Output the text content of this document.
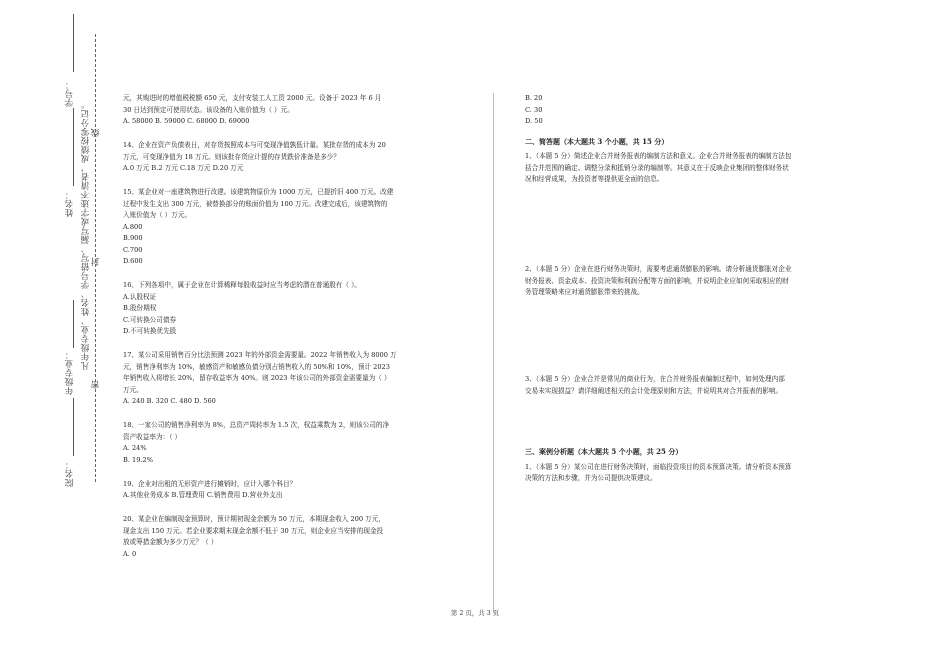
学号：
姓名：
年级专业：
院名：
凡年级专业、姓名、学号错写、漏写或字迹不清者，成绩按零分记。 线
封
密

元，其购进时的增值税税额 650 元，支付安装工人工资 2000 元。设备于 2023 年 6 月

30 日达到预定可使用状态。该设备的入账价值为（ ）元。

A. 58000 B. 59000 C. 68000 D. 69000

14、企业在资产负债表日，对存货按照成本与可变现净值孰低计量。某批存货的成本为 20

万元，可变现净值为 18 万元。则该批存货应计提的存货跌价准备是多少？

A.0 万元 B.2 万元 C.18 万元 D.20 万元

15、某企业对一座建筑物进行改建。该建筑物原价为 1000 万元，已提折旧 400 万元。改建

过程中发生支出 300 万元，被替换部分的账面价值为 100 万元。改建完成后，该建筑物的

入账价值为（ ）万元。

A.800

B.900

C.700

D.600

16、下列各项中，属于企业在计算稀释每股收益时应当考虑的潜在普通股有（ ）。

A.认股权证

B.股份期权

C.可转换公司债券

D.不可转换优先股

17、某公司采用销售百分比法预测 2023 年的外部资金需要量。2022 年销售收入为 8000 万

元，销售净利率为 10%，敏感资产和敏感负债分别占销售收入的 50%和 10%，预计 2023

年销售收入将增长 20%，留存收益率为 40%。则 2023 年该公司的外部资金需要量为（ ）

万元。

A. 240 B. 320 C. 480 D. 560

18、一家公司的销售净利率为 8%，总资产周转率为 1.5 次，权益乘数为 2，则该公司的净

资产收益率为：（ ）

A. 24%

B. 19.2%

19、企业对出租的无形资产进行摊销时，应计入哪个科目？

A.其他业务成本 B.管理费用 C.销售费用 D.营业外支出

20、某企业在编制现金预算时，预计期初现金余额为 50 万元，本期现金收入 200 万元，

现金支出 150 万元。若企业要求期末现金余额不低于 30 万元，则企业应当安排的现金投

放或筹措金额为多少万元？（ ）

A. 0

B. 20

C. 30

D. 50

二、简答题（本大题共 3 个小题，共 15 分）

1、（本题 5 分）简述企业合并财务报表的编制方法和意义。企业合并财务报表的编制方法包

括合并范围的确定、调整分录和抵销分录的编制等。其意义在于反映企业集团的整体财务状

况和经营成果，为投资者等提供更全面的信息。

2、（本题 5 分）企业在进行财务决策时，需要考虑通货膨胀的影响。请分析通货膨胀对企业

财务报表、资金成本、投资决策和利润分配等方面的影响，并说明企业应如何采取相应的财

务管理策略来应对通货膨胀带来的挑战。

3、（本题 5 分）企业合并是常见的商业行为，在合并财务报表编制过程中，如何处理内部

交易未实现损益？请详细阐述相关的会计处理原则和方法，并说明其对合并报表的影响。

三、案例分析题（本大题共 5 个小题，共 25 分）

1、（本题 5 分）某公司在进行财务决策时，面临投资项目的资本预算决策。请分析资本预算

决策的方法和步骤，并为公司提供决策建议。

第 2 页，共 3 页
